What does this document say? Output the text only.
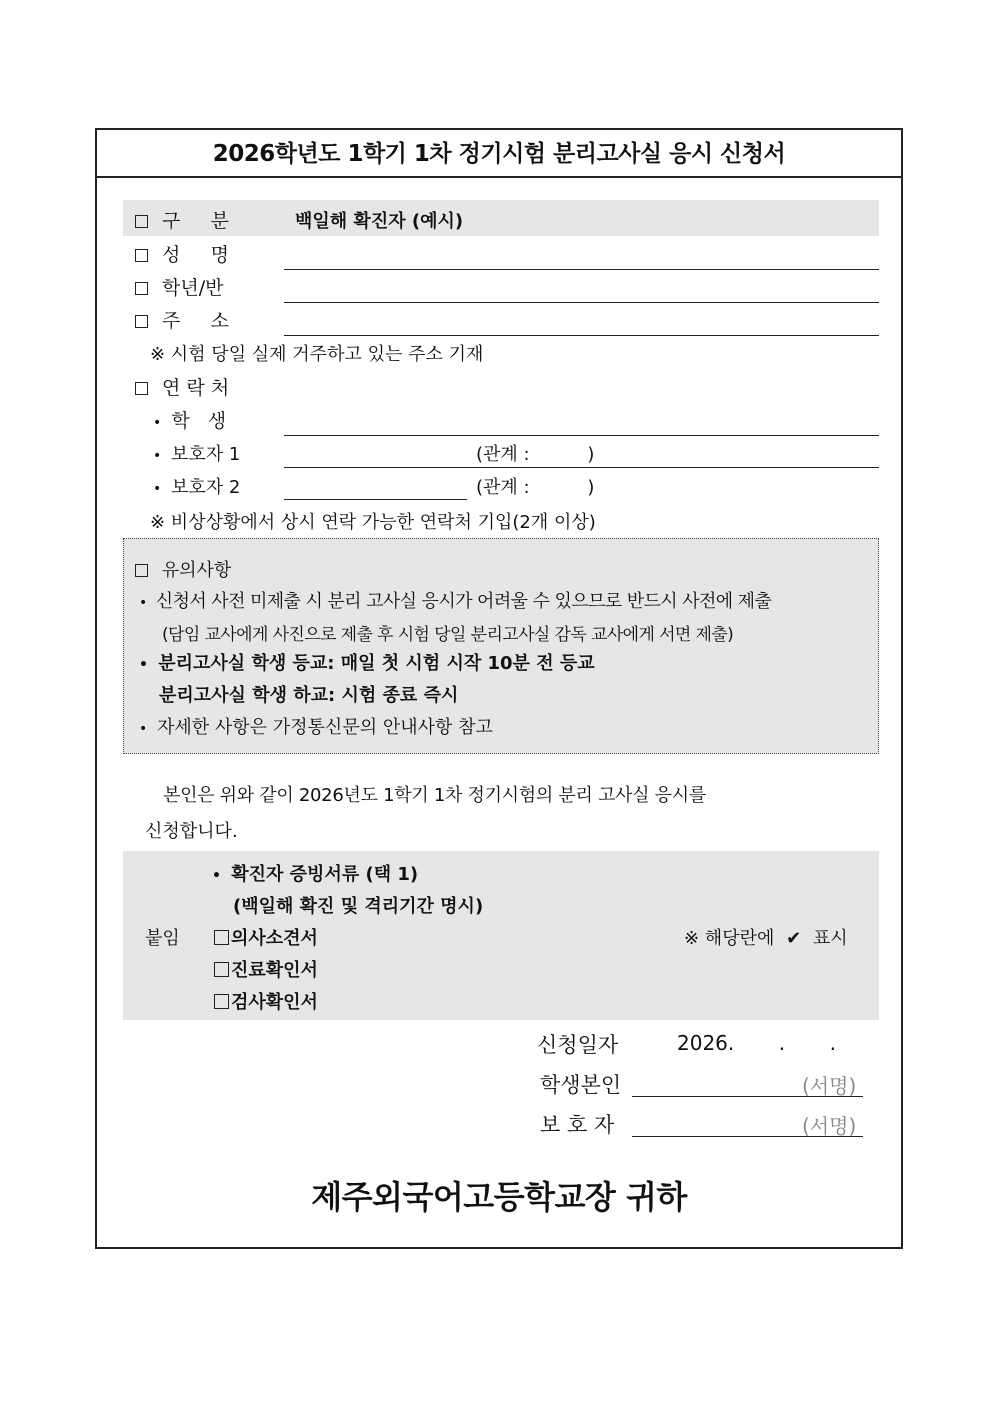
2026학년도 1학기 1차 정기시험 분리고사실 응시 신청서
구     분	백일해 확진자 (예시)
성     명
학년/반
주     소
※ 시험 당일 실제 거주하고 있는 주소 기재
연 락 처
• 학   생
• 보호자 1	(관계 :	)
• 보호자 2	(관계 :	)
※ 비상상황에서 상시 연락 가능한 연락처 기입(2개 이상)
유의사항
• 신청서 사전 미제출 시 분리 고사실 응시가 어려울 수 있으므로 반드시 사전에 제출
(담임 교사에게 사진으로 제출 후 시험 당일 분리고사실 감독 교사에게 서면 제출)
• 분리고사실 학생 등교: 매일 첫 시험 시작 10분 전 등교
분리고사실 학생 하교: 시험 종료 즉시
• 자세한 사항은 가정통신문의 안내사항 참고
본인은 위와 같이 2026년도 1학기 1차 정기시험의 분리 고사실 응시를
신청합니다.
붙임
• 확진자 증빙서류 (택 1)
(백일해 확진 및 격리기간 명시)
의사소견서
진료확인서
검사확인서
※ 해당란에 ✔ 표시
신청일자	2026.       .       .
학생본인	(서명)
보 호 자	(서명)
제주외국어고등학교장 귀하
